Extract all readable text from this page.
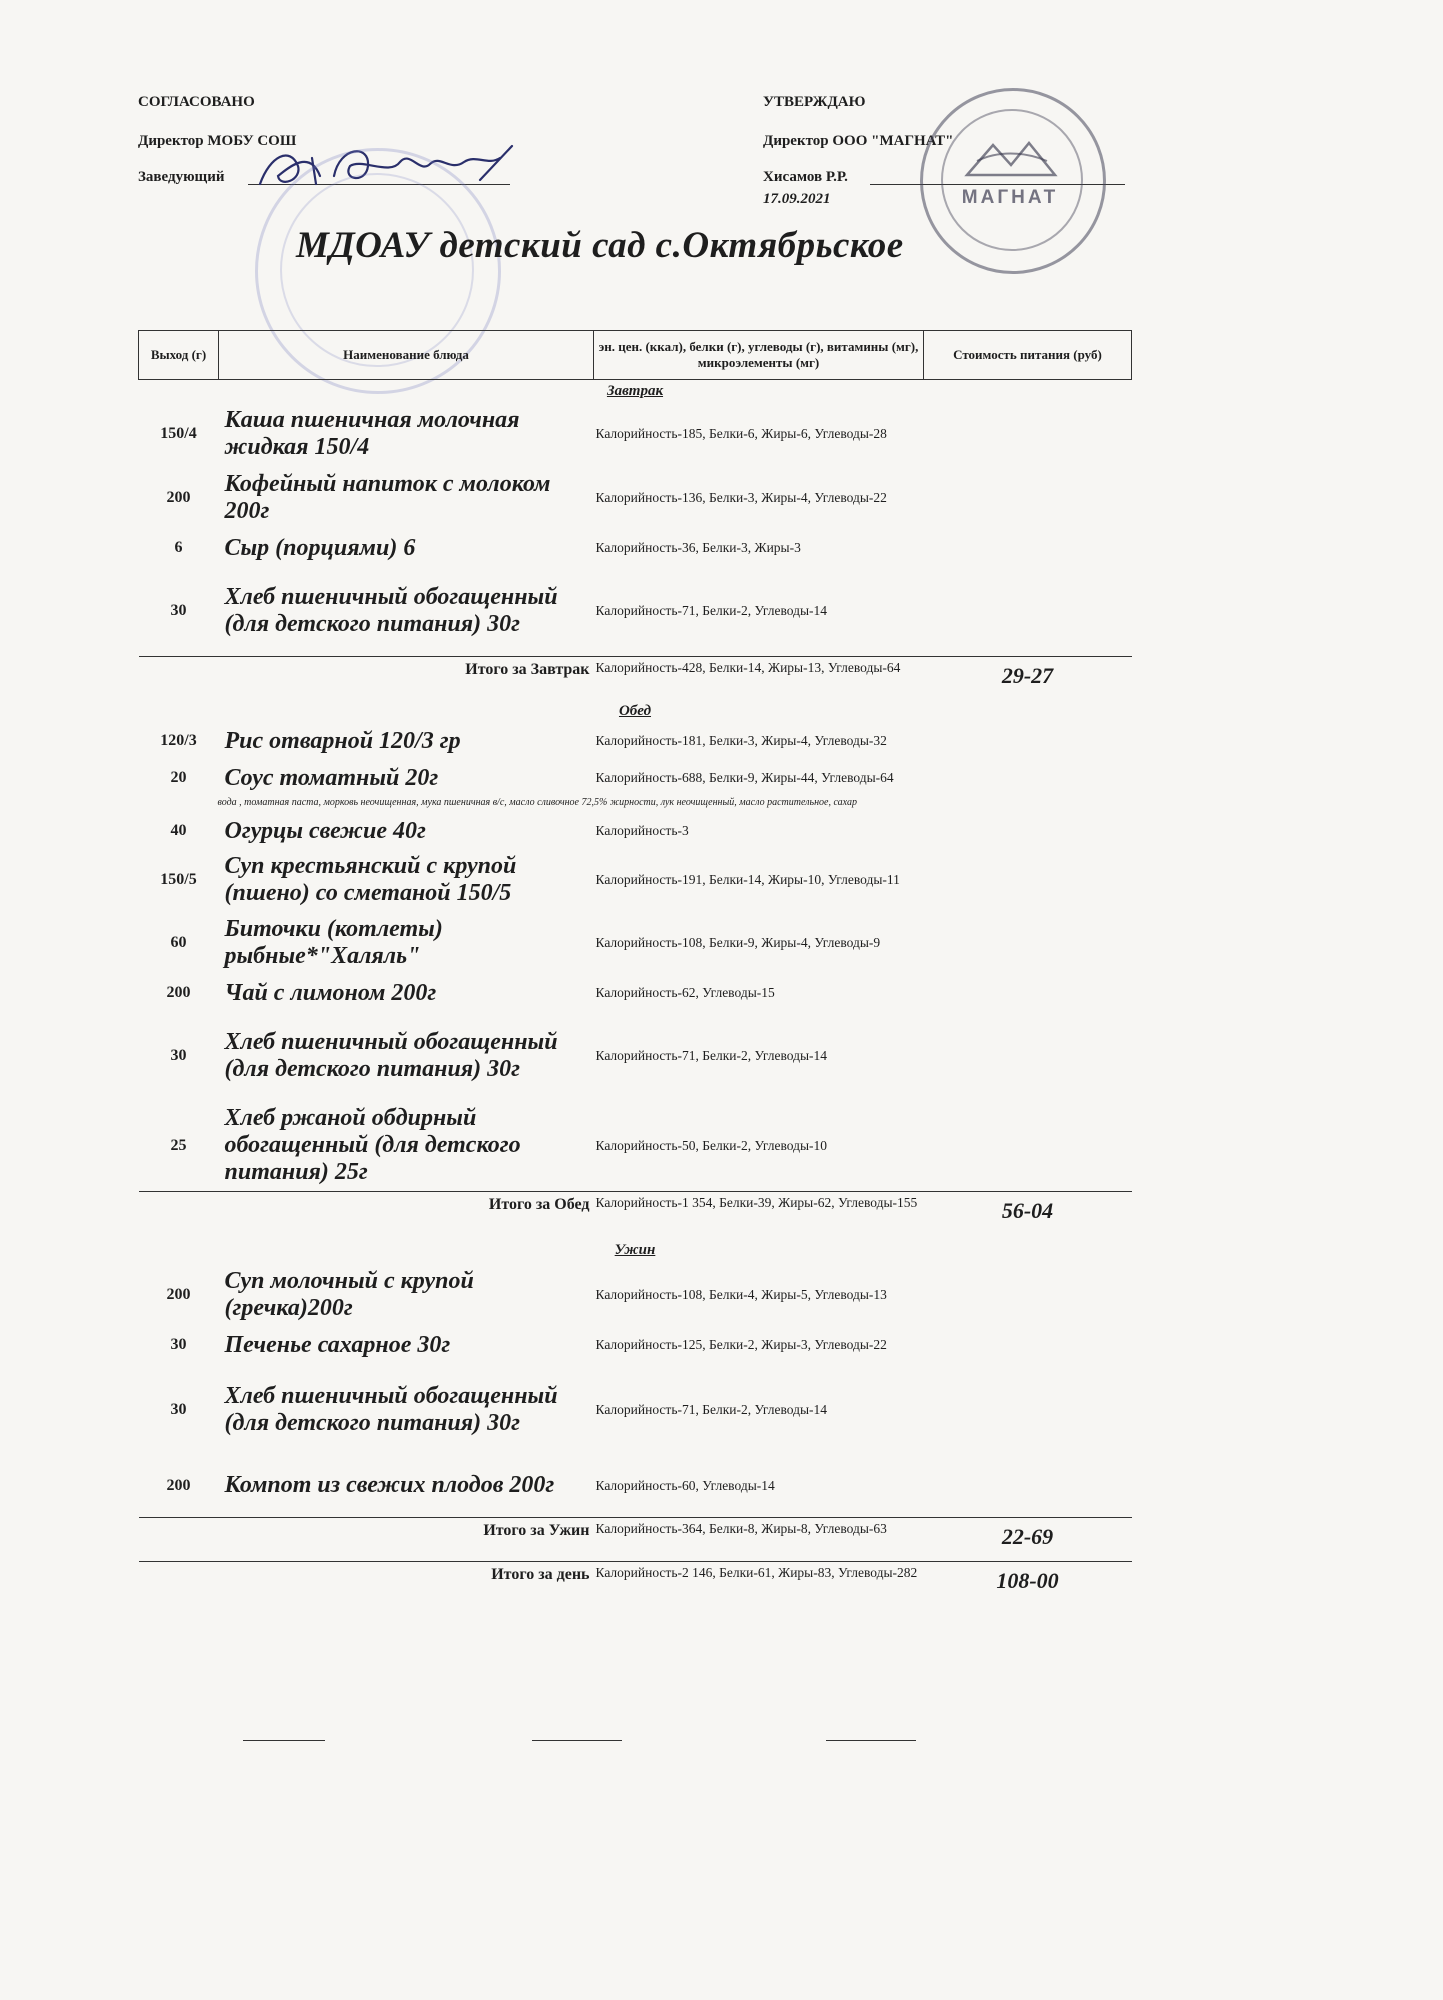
СОГЛАСОВАНО
Директор МОБУ СОШ
Заведующий
УТВЕРЖДАЮ
Директор ООО "МАГНАТ"
Хисамов Р.Р.
17.09.2021	МАГНАТ
МДОАУ детский сад с.Октябрьское
Выход (г)	Наименование блюда	эн. цен. (ккал), белки (г), углеводы (г), витамины (мг), микроэлементы (мг)	Стоимость питания (руб)
Завтрак			
150/4	Каша пшеничная молочная жидкая 150/4	Калорийность-185, Белки-6, Жиры-6, Углеводы-28	
200	Кофейный напиток с молоком 200г	Калорийность-136, Белки-3, Жиры-4, Углеводы-22	
6	Сыр (порциями) 6	Калорийность-36, Белки-3, Жиры-3	
30	Хлеб пшеничный обогащенный (для детского питания) 30г	Калорийность-71, Белки-2, Углеводы-14	
Итого за Завтрак		Калорийность-428, Белки-14, Жиры-13, Углеводы-64	29-27
Обед			
120/3	Рис отварной 120/3 гр	Калорийность-181, Белки-3, Жиры-4, Углеводы-32	
20	Соус томатный 20г	Калорийность-688, Белки-9, Жиры-44, Углеводы-64	
вода , томатная паста, морковь неочищенная, мука пшеничная в/с, масло сливочное 72,5% жирности, лук неочищенный, масло растительное, сахар			
40	Огурцы свежие 40г	Калорийность-3	
150/5	Суп крестьянский с крупой (пшено) со сметаной 150/5	Калорийность-191, Белки-14, Жиры-10, Углеводы-11	
60	Биточки (котлеты) рыбные*"Халяль"	Калорийность-108, Белки-9, Жиры-4, Углеводы-9	
200	Чай с лимоном 200г	Калорийность-62, Углеводы-15	
30	Хлеб пшеничный обогащенный (для детского питания) 30г	Калорийность-71, Белки-2, Углеводы-14	
25	Хлеб ржаной обдирный обогащенный (для детского питания) 25г	Калорийность-50, Белки-2, Углеводы-10	
Итого за Обед		Калорийность-1 354, Белки-39, Жиры-62, Углеводы-155	56-04
Ужин			
200	Суп молочный с крупой (гречка)200г	Калорийность-108, Белки-4, Жиры-5, Углеводы-13	
30	Печенье сахарное 30г	Калорийность-125, Белки-2, Жиры-3, Углеводы-22	
30	Хлеб пшеничный обогащенный (для детского питания) 30г	Калорийность-71, Белки-2, Углеводы-14	
200	Компот из свежих плодов 200г	Калорийность-60, Углеводы-14	
Итого за Ужин		Калорийность-364, Белки-8, Жиры-8, Углеводы-63	22-69
Итого за день		Калорийность-2 146, Белки-61, Жиры-83, Углеводы-282	108-00
